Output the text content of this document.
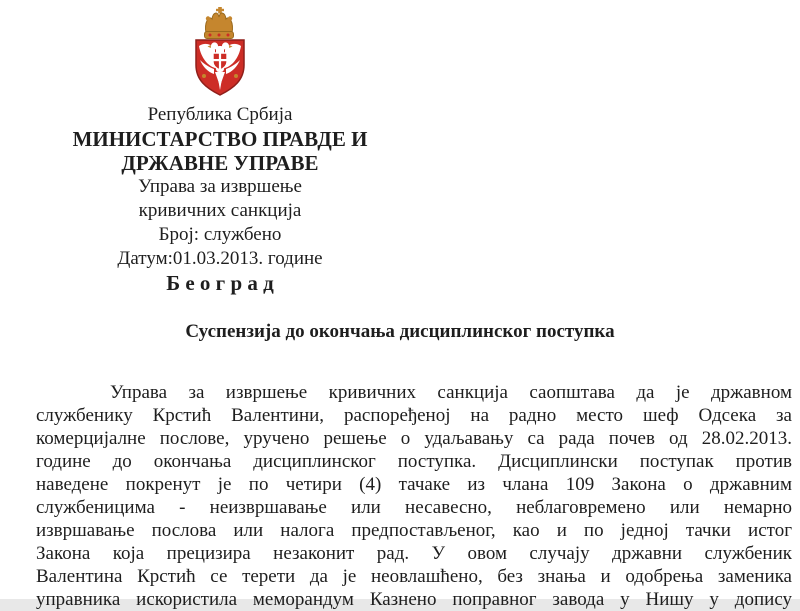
Република Србија
МИНИСТАРСТВО ПРАВДЕ И
ДРЖАВНЕ УПРАВЕ
Управа за извршење
кривичних санкција
Број: службено
Датум:01.03.2013. године
Б е о г р а д
Суспензија до окончања дисциплинског поступка
Управа за извршење кривичних санкција саопштава да је државном
службенику Крстић Валентини, распоређеној на радно место шеф Одсека за
комерцијалне послове, уручено решење о удаљавању са рада почев од 28.02.2013.
године до окончања дисциплинског поступка. Дисциплински поступак против
наведене покренут је по четири (4) тачаке из члана 109 Закона о државним
службеницима - неизвршавање или несавесно, неблаговремено или немарно
извршавање послова или налога предпостављеног, као и по једној тачки истог
Закона која прецизира незаконит рад. У овом случају државни службеник
Валентина Крстић се терети да је неовлашћено, без знања и одобрења заменика
управника искористила меморандум Казнено поправног завода у Нишу у допису
